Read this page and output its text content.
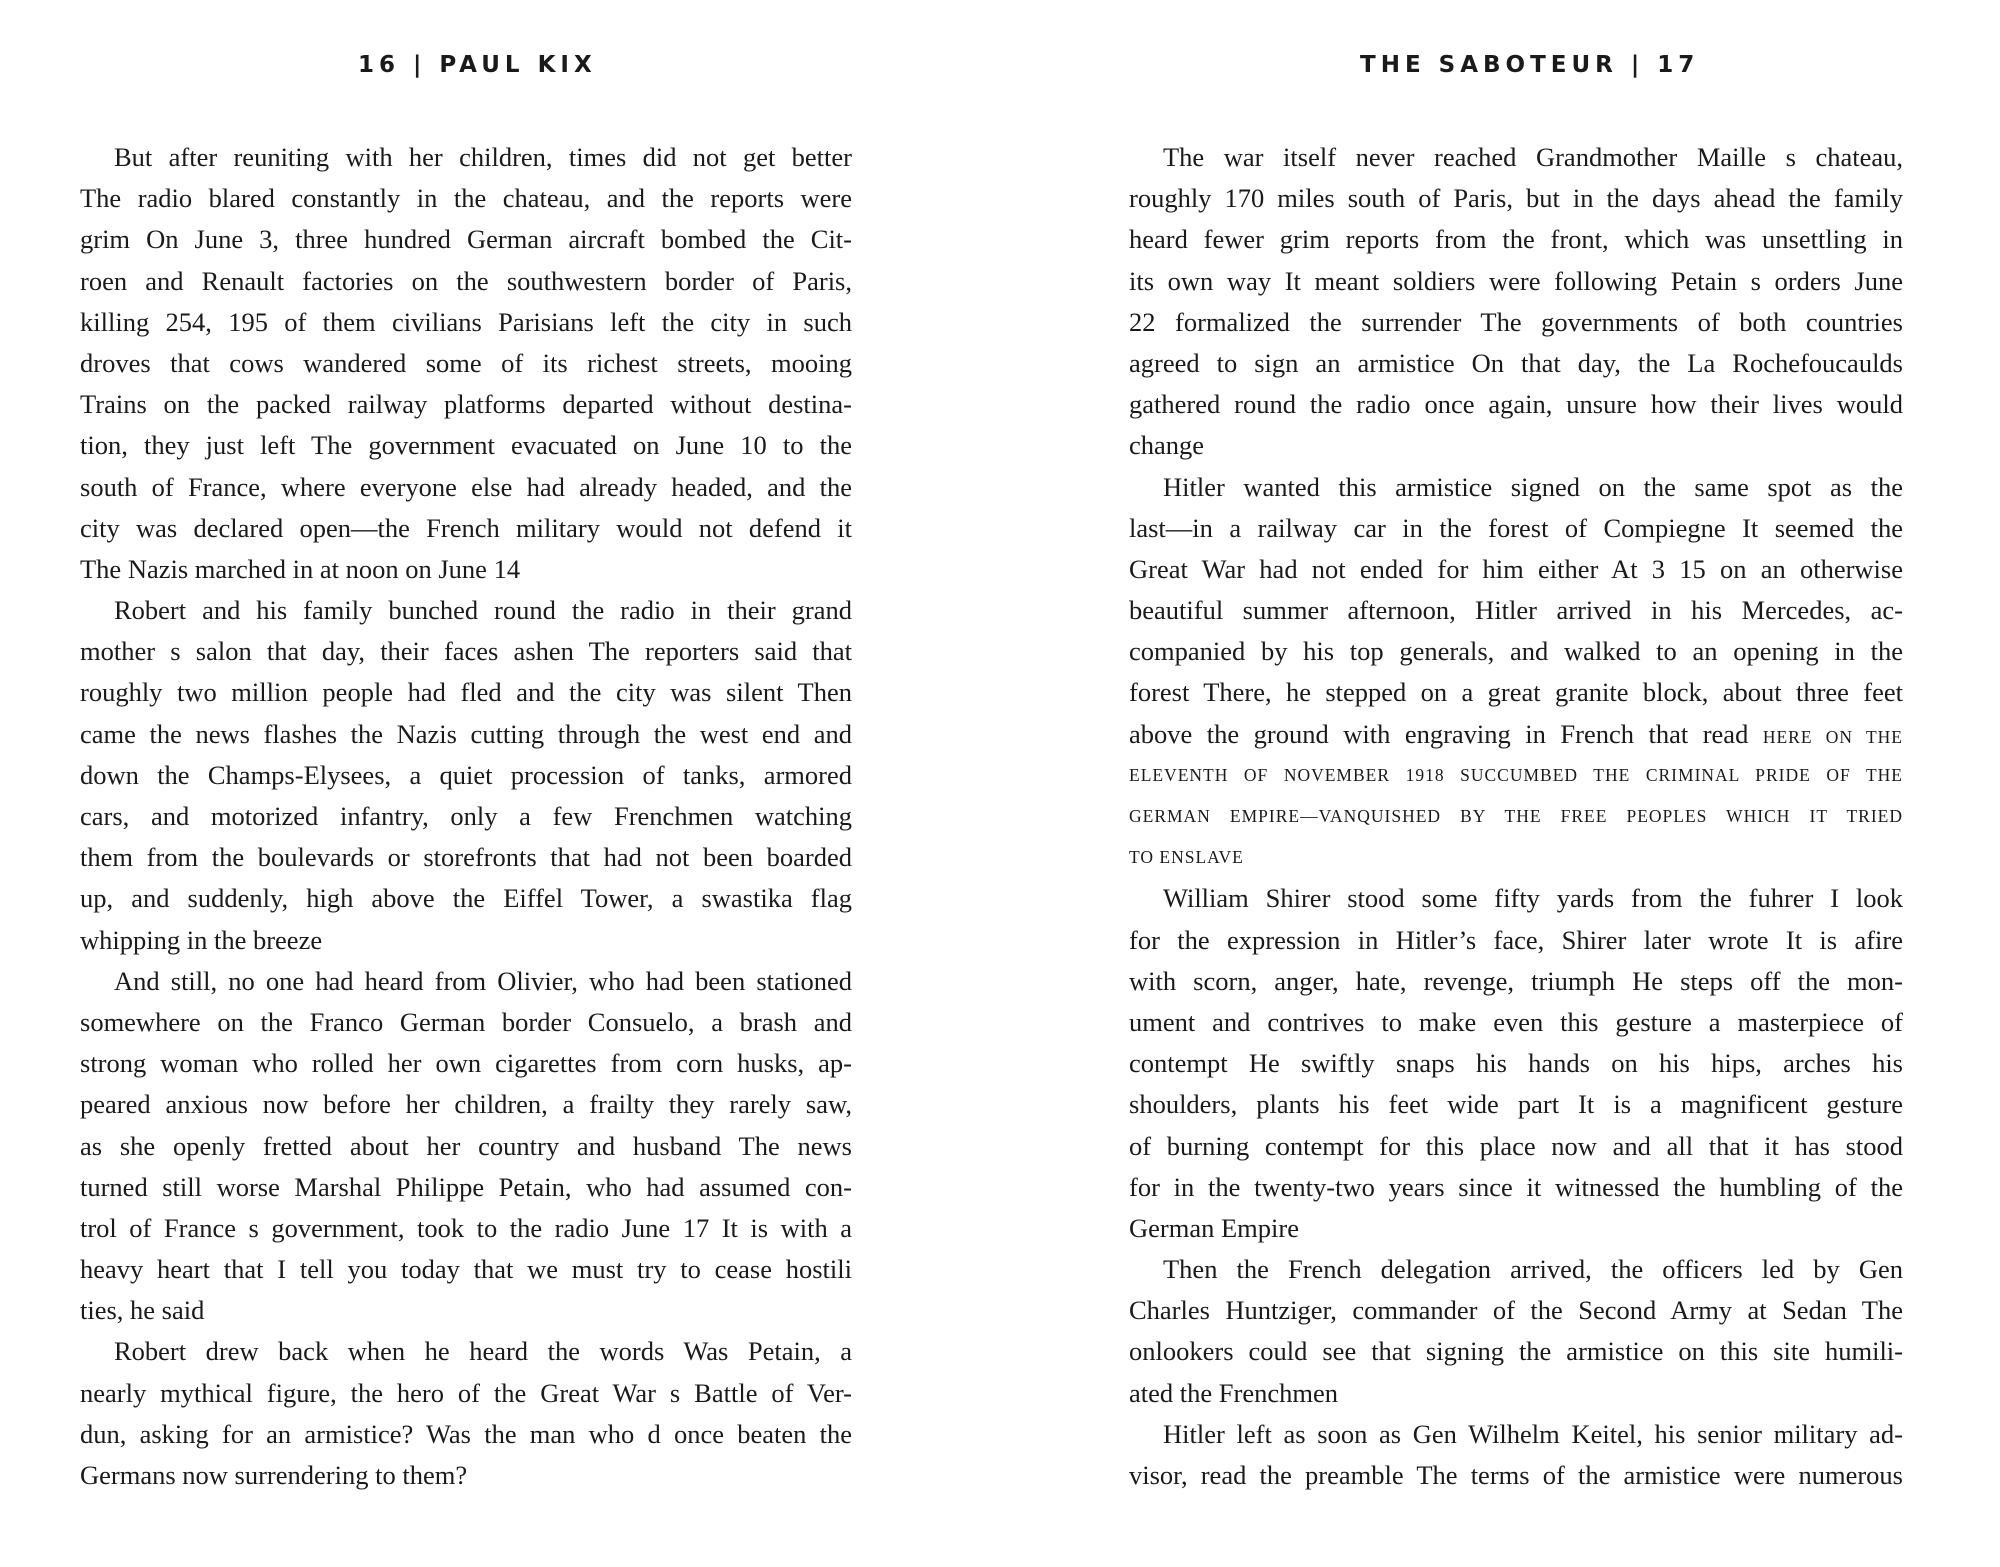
16 | PAUL KIX
But after reuniting with her children, times did not get better
The radio blared constantly in the chateau, and the reports were
grim On June 3, three hundred German aircraft bombed the Cit-
roen and Renault factories on the southwestern border of Paris,
killing 254, 195 of them civilians Parisians left the city in such
droves that cows wandered some of its richest streets, mooing
Trains on the packed railway platforms departed without destina-
tion, they just left The government evacuated on June 10 to the
south of France, where everyone else had already headed, and the
city was declared open—the French military would not defend it
The Nazis marched in at noon on June 14
Robert and his family bunched round the radio in their grand
mother s salon that day, their faces ashen The reporters said that
roughly two million people had fled and the city was silent Then
came the news flashes the Nazis cutting through the west end and
down the Champs-Elysees, a quiet procession of tanks, armored
cars, and motorized infantry, only a few Frenchmen watching
them from the boulevards or storefronts that had not been boarded
up, and suddenly, high above the Eiffel Tower, a swastika flag
whipping in the breeze
And still, no one had heard from Olivier, who had been stationed
somewhere on the Franco German border Consuelo, a brash and
strong woman who rolled her own cigarettes from corn husks, ap-
peared anxious now before her children, a frailty they rarely saw,
as she openly fretted about her country and husband The news
turned still worse Marshal Philippe Petain, who had assumed con-
trol of France s government, took to the radio June 17 It is with a
heavy heart that I tell you today that we must try to cease hostili
ties, he said
Robert drew back when he heard the words Was Petain, a
nearly mythical figure, the hero of the Great War s Battle of Ver-
dun, asking for an armistice? Was the man who d once beaten the
Germans now surrendering to them?
THE SABOTEUR | 17
The war itself never reached Grandmother Maille s chateau,
roughly 170 miles south of Paris, but in the days ahead the family
heard fewer grim reports from the front, which was unsettling in
its own way It meant soldiers were following Petain s orders June
22 formalized the surrender The governments of both countries
agreed to sign an armistice On that day, the La Rochefoucaulds
gathered round the radio once again, unsure how their lives would
change
Hitler wanted this armistice signed on the same spot as the
last—in a railway car in the forest of Compiegne It seemed the
Great War had not ended for him either At 3 15 on an otherwise
beautiful summer afternoon, Hitler arrived in his Mercedes, ac-
companied by his top generals, and walked to an opening in the
forest There, he stepped on a great granite block, about three feet
above the ground with engraving in French that read HERE ON THE
ELEVENTH OF NOVEMBER 1918 SUCCUMBED THE CRIMINAL PRIDE OF THE
GERMAN EMPIRE—VANQUISHED BY THE FREE PEOPLES WHICH IT TRIED
TO ENSLAVE
William Shirer stood some fifty yards from the fuhrer I look
for the expression in Hitler’s face, Shirer later wrote It is afire
with scorn, anger, hate, revenge, triumph He steps off the mon-
ument and contrives to make even this gesture a masterpiece of
contempt He swiftly snaps his hands on his hips, arches his
shoulders, plants his feet wide part It is a magnificent gesture
of burning contempt for this place now and all that it has stood
for in the twenty-two years since it witnessed the humbling of the
German Empire
Then the French delegation arrived, the officers led by Gen
Charles Huntziger, commander of the Second Army at Sedan The
onlookers could see that signing the armistice on this site humili-
ated the Frenchmen
Hitler left as soon as Gen Wilhelm Keitel, his senior military ad-
visor, read the preamble The terms of the armistice were numerous
